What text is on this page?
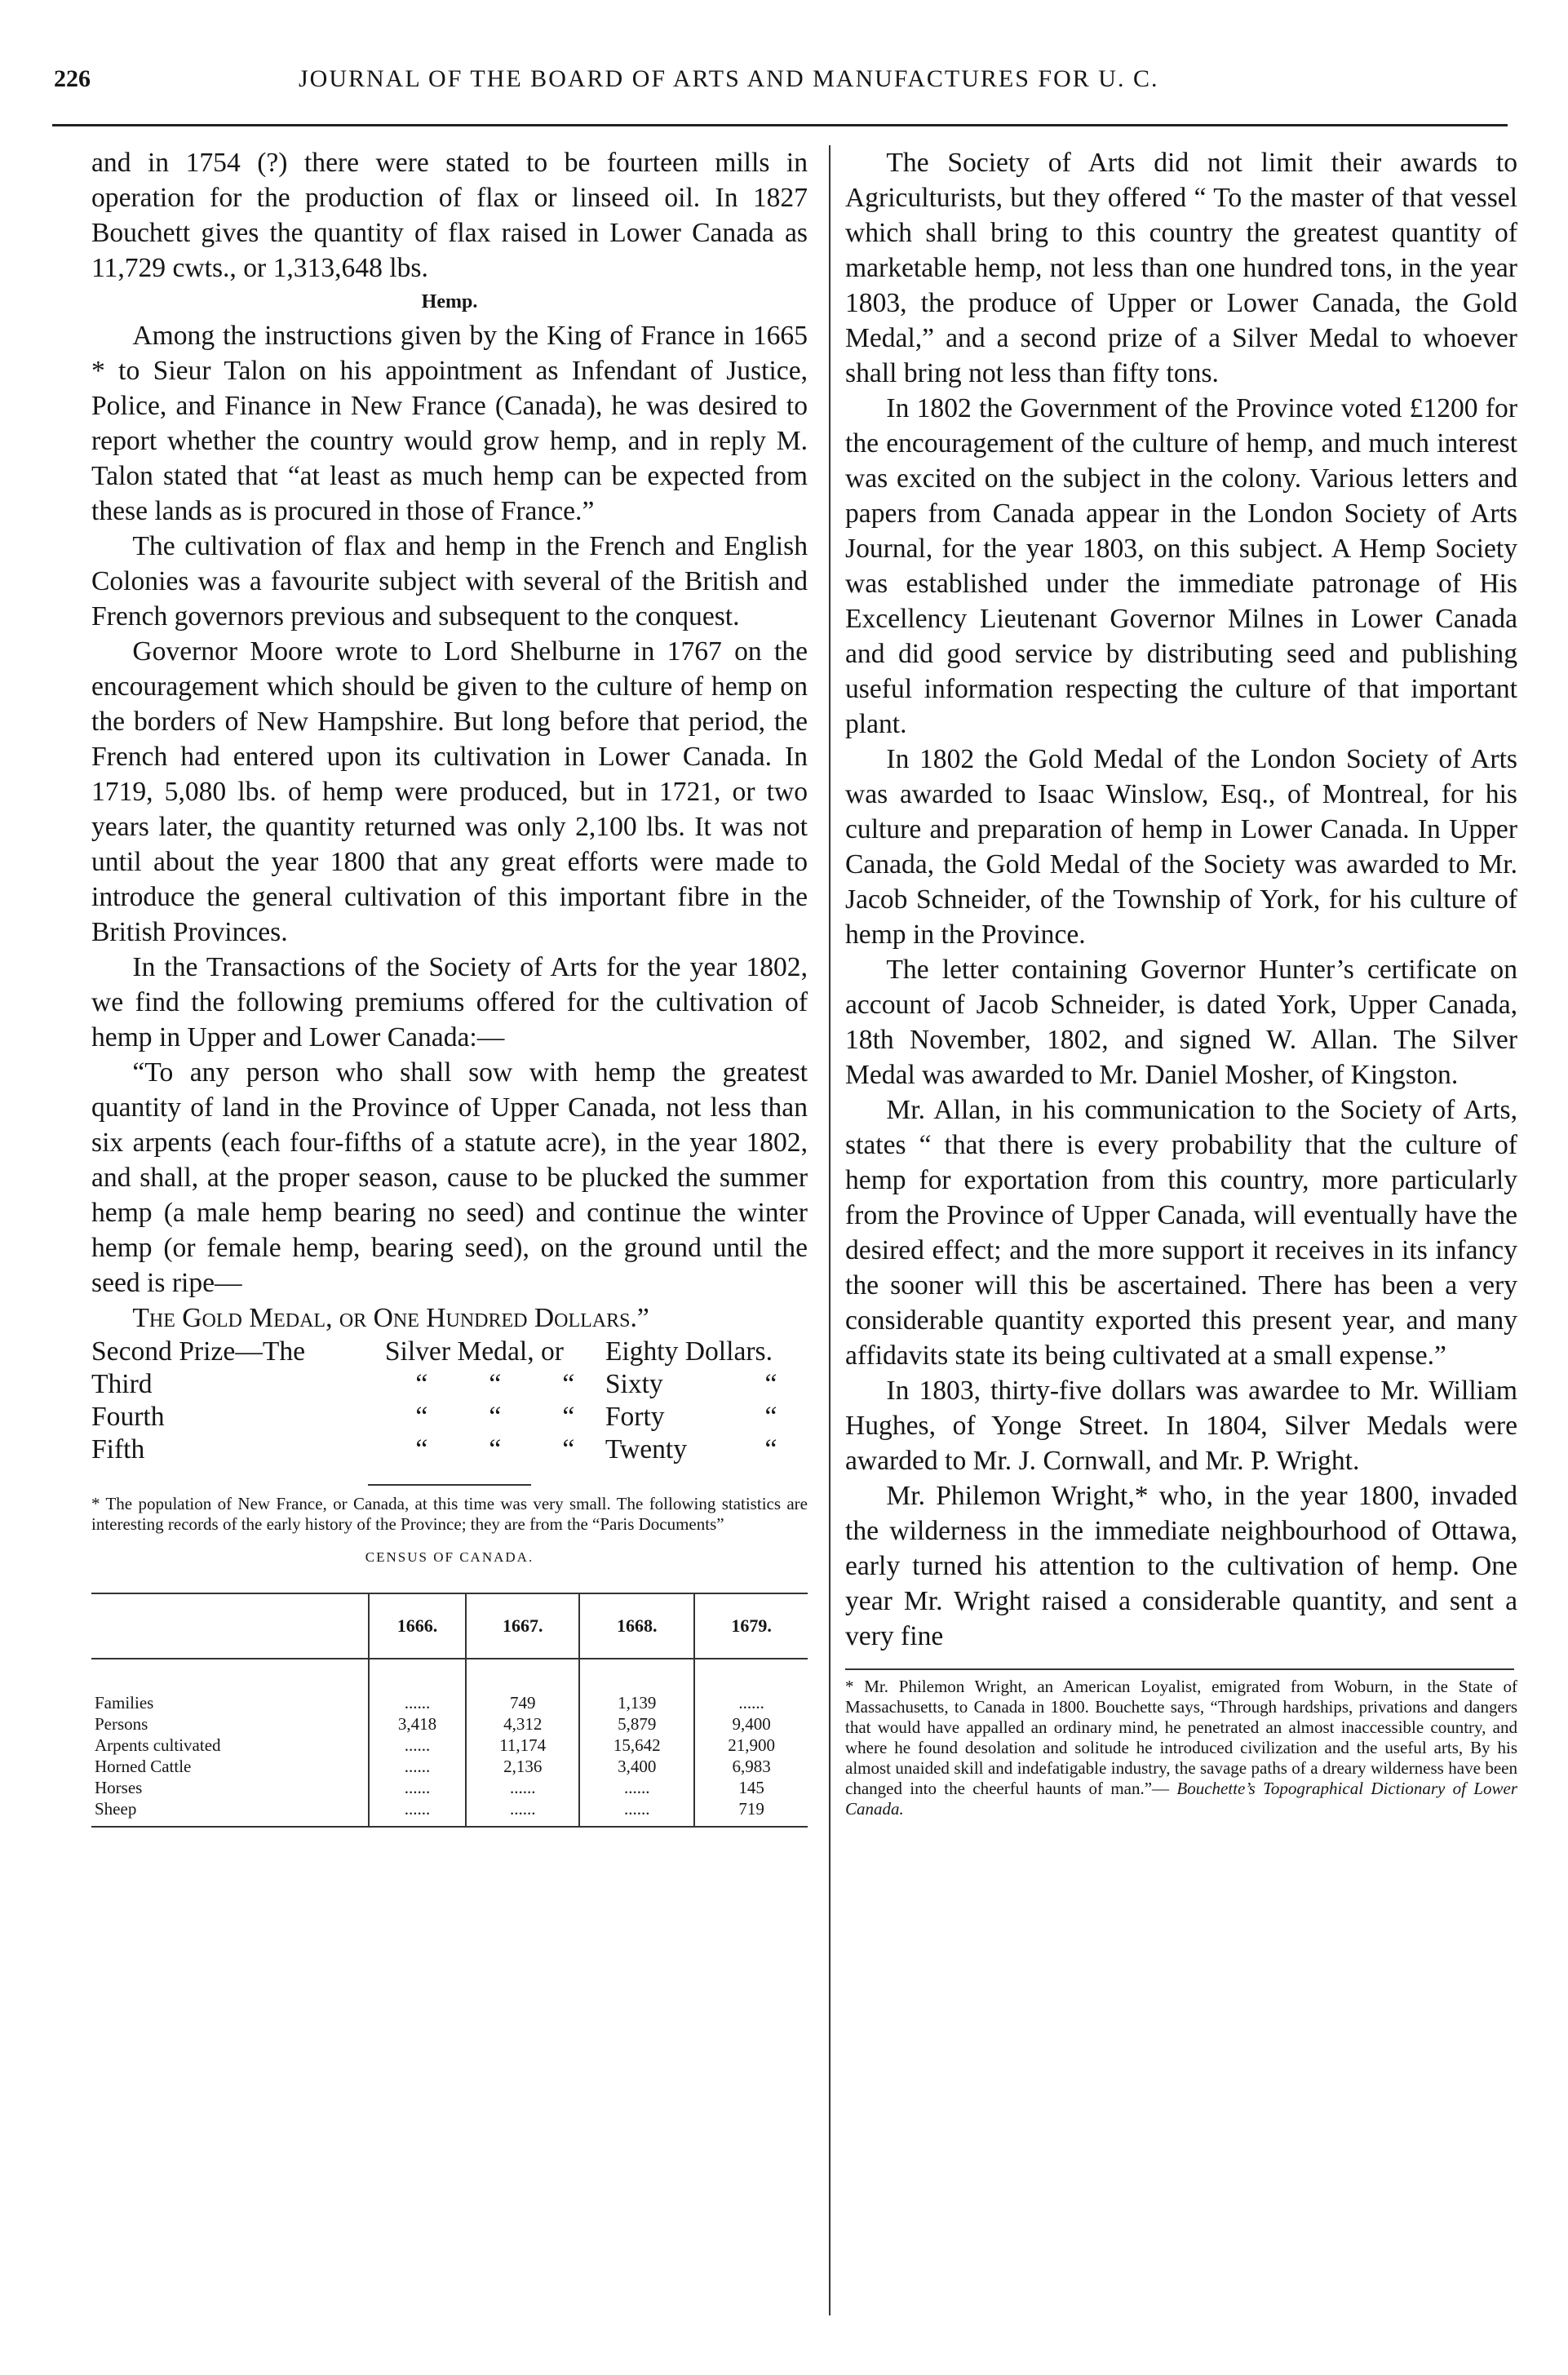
226	JOURNAL OF THE BOARD OF ARTS AND MANUFACTURES FOR U. C.

and in 1754 (?) there were stated to be fourteen mills in operation for the production of flax or linseed oil. In 1827 Bouchett gives the quantity of flax raised in Lower Canada as 11,729 cwts., or 1,313,648 lbs.

Hemp.

Among the instructions given by the King of France in 1665 * to Sieur Talon on his appointment as Infendant of Justice, Police, and Finance in New France (Canada), he was desired to report whether the country would grow hemp, and in reply M. Talon stated that “at least as much hemp can be expected from these lands as is procured in those of France.”

The cultivation of flax and hemp in the French and English Colonies was a favourite subject with several of the British and French governors previous and subsequent to the conquest.

Governor Moore wrote to Lord Shelburne in 1767 on the encouragement which should be given to the culture of hemp on the borders of New Hampshire. But long before that period, the French had entered upon its cultivation in Lower Canada. In 1719, 5,080 lbs. of hemp were produced, but in 1721, or two years later, the quantity returned was only 2,100 lbs. It was not until about the year 1800 that any great efforts were made to introduce the general cultivation of this important fibre in the British Provinces.

In the Transactions of the Society of Arts for the year 1802, we find the following premiums offered for the cultivation of hemp in Upper and Lower Canada:—

“To any person who shall sow with hemp the greatest quantity of land in the Province of Upper Canada, not less than six arpents (each four-fifths of a statute acre), in the year 1802, and shall, at the proper season, cause to be plucked the summer hemp (a male hemp bearing no seed) and continue the winter hemp (or female hemp, bearing seed), on the ground until the seed is ripe—

The Gold Medal, or One Hundred Dollars.”

Second Prize—The	Silver Medal, or			Eighty Dollars.	
Third	“	“	“	Sixty	“
Fourth	“	“	“	Forty	“
Fifth	“	“	“	Twenty	“
* The population of New France, or Canada, at this time was very small. The following statistics are interesting records of the early history of the Province; they are from the “Paris Documents”
CENSUS OF CANADA.
	1666.	1667.	1668.	1679.
Families	......	749	1,139	......
Persons	3,418	4,312	5,879	9,400
Arpents cultivated	......	11,174	15,642	21,900
Horned Cattle	......	2,136	3,400	6,983
Horses	......	......	......	145
Sheep	......	......	......	719

The Society of Arts did not limit their awards to Agriculturists, but they offered “ To the master of that vessel which shall bring to this country the greatest quantity of marketable hemp, not less than one hundred tons, in the year 1803, the produce of Upper or Lower Canada, the Gold Medal,” and a second prize of a Silver Medal to whoever shall bring not less than fifty tons.

In 1802 the Government of the Province voted £1200 for the encouragement of the culture of hemp, and much interest was excited on the subject in the colony. Various letters and papers from Canada appear in the London Society of Arts Journal, for the year 1803, on this subject. A Hemp Society was established under the immediate patronage of His Excellency Lieutenant Governor Milnes in Lower Canada and did good service by distributing seed and publishing useful information respecting the culture of that important plant.

In 1802 the Gold Medal of the London Society of Arts was awarded to Isaac Winslow, Esq., of Montreal, for his culture and preparation of hemp in Lower Canada. In Upper Canada, the Gold Medal of the Society was awarded to Mr. Jacob Schneider, of the Township of York, for his culture of hemp in the Province.

The letter containing Governor Hunter’s certificate on account of Jacob Schneider, is dated York, Upper Canada, 18th November, 1802, and signed W. Allan. The Silver Medal was awarded to Mr. Daniel Mosher, of Kingston.

Mr. Allan, in his communication to the Society of Arts, states “ that there is every probability that the culture of hemp for exportation from this country, more particularly from the Province of Upper Canada, will eventually have the desired effect; and the more support it receives in its infancy the sooner will this be ascertained. There has been a very considerable quantity exported this present year, and many affidavits state its being cultivated at a small expense.”

In 1803, thirty-five dollars was awardee to Mr. William Hughes, of Yonge Street. In 1804, Silver Medals were awarded to Mr. J. Cornwall, and Mr. P. Wright.

Mr. Philemon Wright,* who, in the year 1800, invaded the wilderness in the immediate neighbourhood of Ottawa, early turned his attention to the cultivation of hemp. One year Mr. Wright raised a considerable quantity, and sent a very fine

* Mr. Philemon Wright, an American Loyalist, emigrated from Woburn, in the State of Massachusetts, to Canada in 1800. Bouchette says, “Through hardships, privations and dangers that would have appalled an ordinary mind, he penetrated an almost inaccessible country, and where he found desolation and solitude he introduced civilization and the useful arts, By his almost unaided skill and indefatigable industry, the savage paths of a dreary wilderness have been changed into the cheerful haunts of man.”— Bouchette’s Topographical Dictionary of Lower Canada.
